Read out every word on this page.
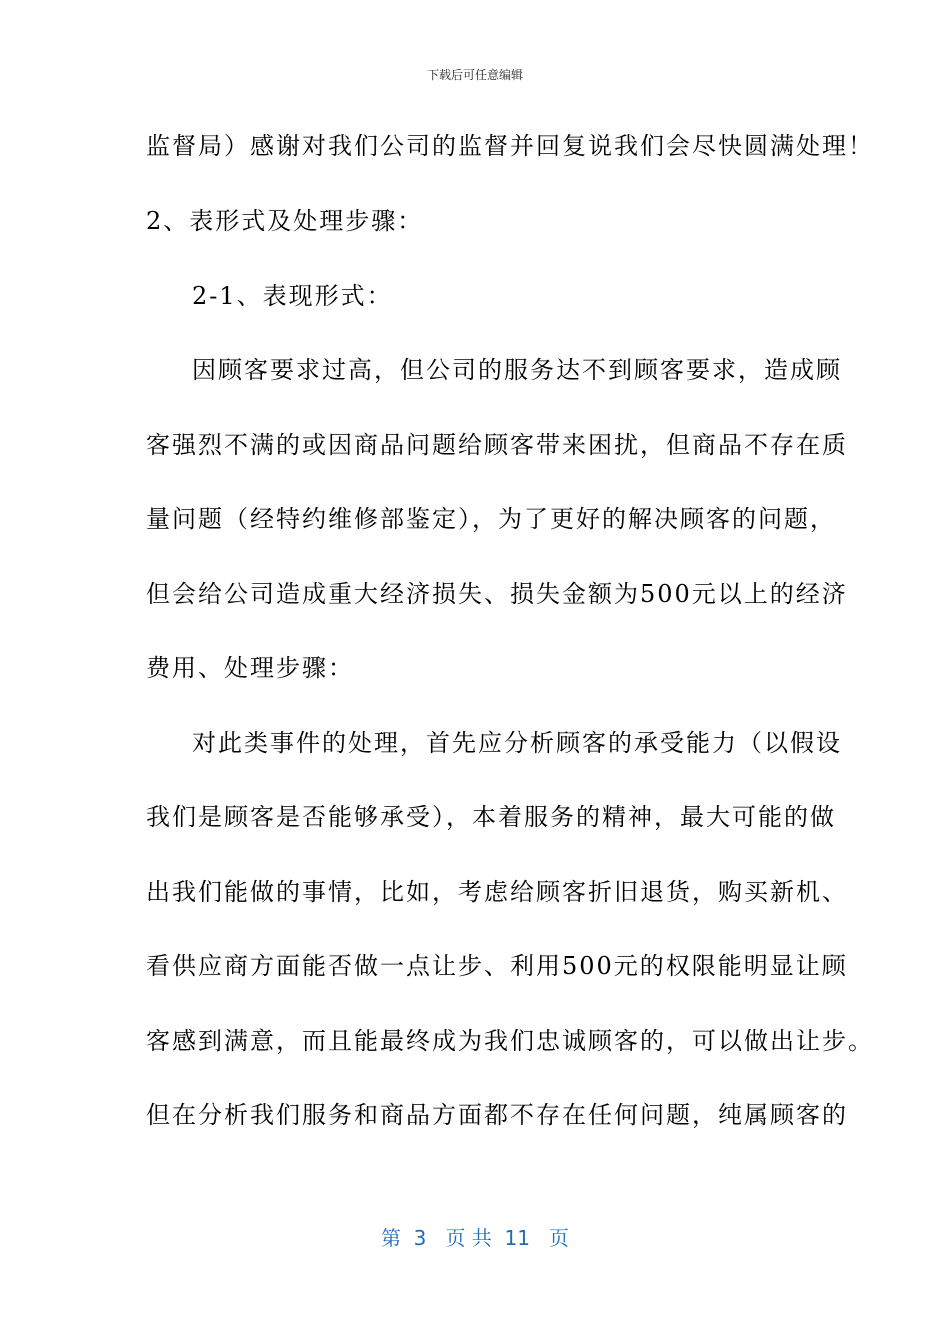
下载后可任意编辑
监督局）感谢对我们公司的监督并回复说我们会尽快圆满处理！
2、表形式及处理步骤：
2-1、表现形式：
因顾客要求过高，但公司的服务达不到顾客要求，造成顾
客强烈不满的或因商品问题给顾客带来困扰，但商品不存在质
量问题（经特约维修部鉴定），为了更好的解决顾客的问题，
但会给公司造成重大经济损失、损失金额为500元以上的经济
费用、处理步骤：
对此类事件的处理，首先应分析顾客的承受能力（以假设
我们是顾客是否能够承受），本着服务的精神，最大可能的做
出我们能做的事情，比如，考虑给顾客折旧退货，购买新机、
看供应商方面能否做一点让步、利用500元的权限能明显让顾
客感到满意，而且能最终成为我们忠诚顾客的，可以做出让步。
但在分析我们服务和商品方面都不存在任何问题，纯属顾客的
第  3   页 共  11   页
